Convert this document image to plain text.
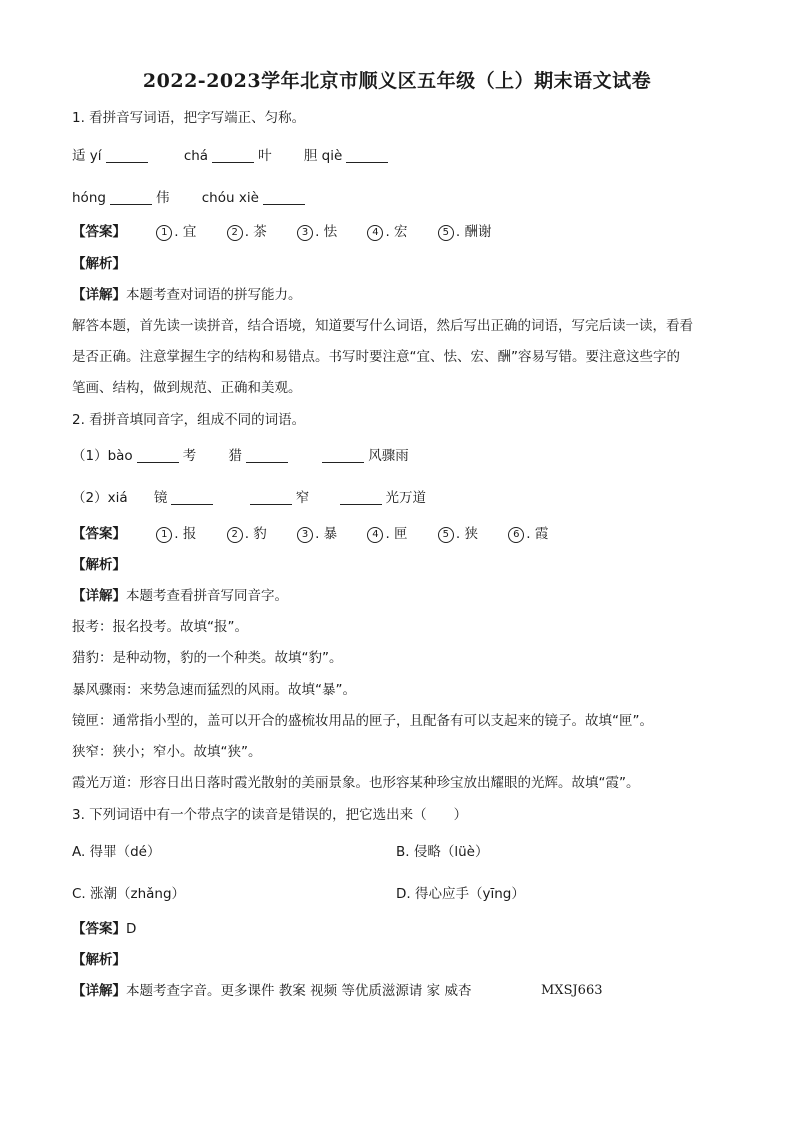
2022-2023学年北京市顺义区五年级（上）期末语文试卷
1. 看拼音写词语，把字写端正、匀称。
适 yí	chá	叶 胆 qiè
hóng	伟 chóu xiè
【答案】	1 . 宜	2 . 茶	3 . 怯	4 . 宏	5 . 酬谢
【解析】
【详解】本题考查对词语的拼写能力。
解答本题，首先读一读拼音，结合语境，知道要写什么词语，然后写出正确的词语，写完后读一读，看看
是否正确。注意掌握生字的结构和易错点。书写时要注意“宜、怯、宏、酬”容易写错。要注意这些字的
笔画、结构，做到规范、正确和美观。
2. 看拼音填同音字，组成不同的词语。
（1）bào	考 猎	风骤雨
（2）xiá 镜	窄	光万道
【答案】	1 . 报	2 . 豹	3 . 暴	4 . 匣	5 . 狭	6 . 霞
【解析】
【详解】本题考查看拼音写同音字。
报考：报名投考。故填“报”。
猎豹：是种动物，豹的一个种类。故填“豹”。
暴风骤雨：来势急速而猛烈的风雨。故填“暴”。
镜匣：通常指小型的，盖可以开合的盛梳妆用品的匣子，且配备有可以支起来的镜子。故填“匣”。
狭窄：狭小；窄小。故填“狭”。
霞光万道：形容日出日落时霞光散射的美丽景象。也形容某种珍宝放出耀眼的光辉。故填“霞”。
3. 下列词语中有一个带点字的读音是错误的，把它选出来（　　）
A. 得罪（dé）	B. 侵略（lüè）
C. 涨潮（zhǎng）	D. 得心应手（yīng）
【答案】D
【解析】
【详解】本题考查字音。更多课件 教案 视频 等优质滋源请 家 威杏	MXSJ663
